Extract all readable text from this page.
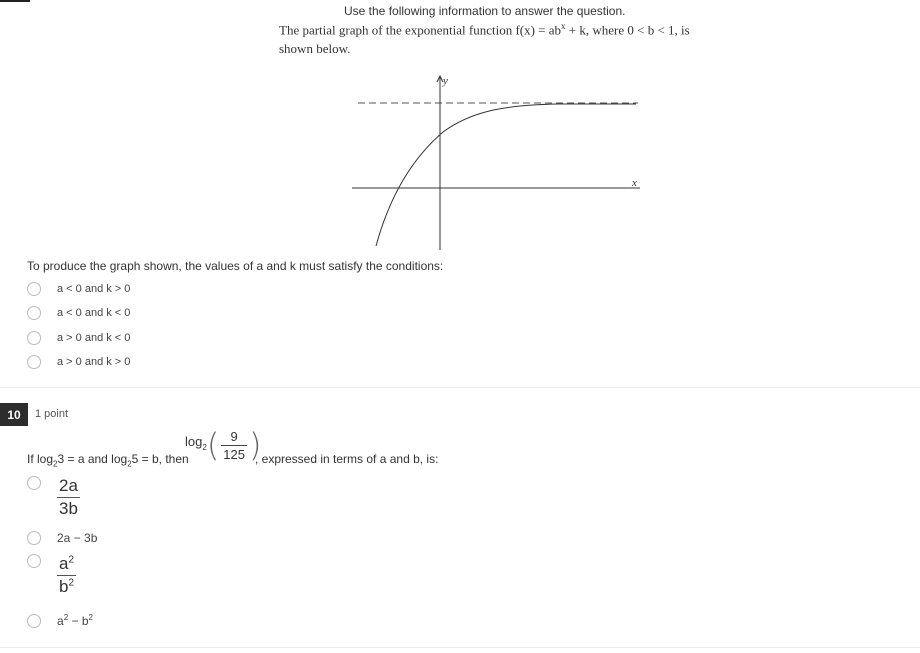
Use the following information to answer the question.
The partial graph of the exponential function $f(x) = ab^x + k$, where 0 < b < 1, is
shown below.
y
x
To produce the graph shown, the values of a and k must satisfy the conditions:
a < 0 and k > 0
a < 0 and k < 0
a > 0 and k < 0
a > 0 and k > 0
10	1 point
If $\log_23 = a$ and $\log_25 = b$, then
$\log_2$ ( $\frac{9}{125}$ )
, expressed in terms of a and b, is:
$\frac{2a}{3b}$
2a − 3b
$\frac{a^2}{b^2}$
$a^2 - b^2$
